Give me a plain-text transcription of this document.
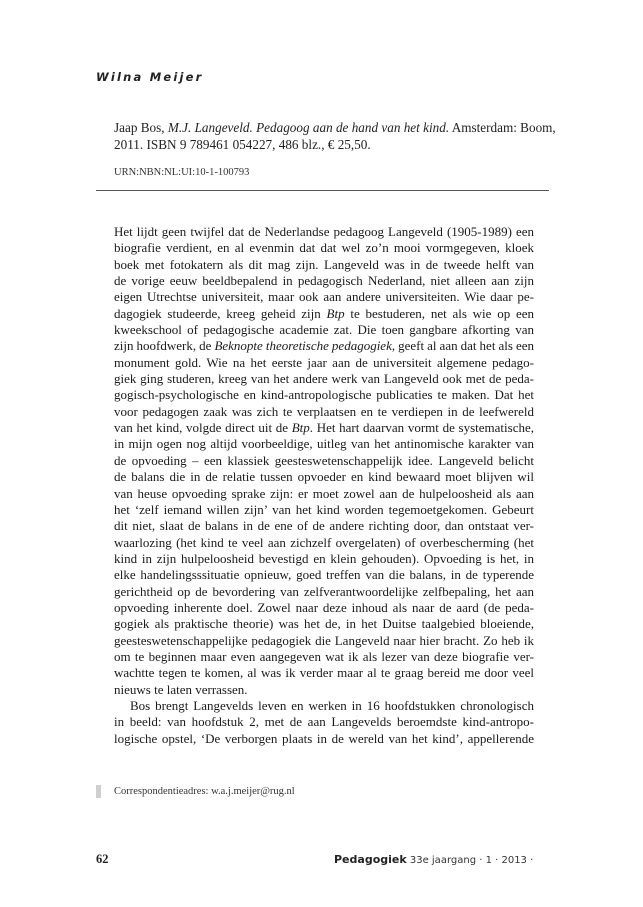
Wilna Meijer
Jaap Bos, M.J. Langeveld. Pedagoog aan de hand van het kind. Amsterdam: Boom,
2011. ISBN 9 789461 054227, 486 blz., € 25,50.
URN:NBN:NL:UI:10-1-100793
Het lijdt geen twijfel dat de Nederlandse pedagoog Langeveld (1905-1989) een
biografie verdient, en al evenmin dat dat wel zo’n mooi vormgegeven, kloek
boek met fotokatern als dit mag zijn. Langeveld was in de tweede helft van
de vorige eeuw beeldbepalend in pedagogisch Nederland, niet alleen aan zijn
eigen Utrechtse universiteit, maar ook aan andere universiteiten. Wie daar pe-
dagogiek studeerde, kreeg geheid zijn Btp te bestuderen, net als wie op een
kweekschool of pedagogische academie zat. Die toen gangbare afkorting van
zijn hoofdwerk, de Beknopte theoretische pedagogiek, geeft al aan dat het als een
monument gold. Wie na het eerste jaar aan de universiteit algemene pedago-
giek ging studeren, kreeg van het andere werk van Langeveld ook met de peda-
gogisch-psychologische en kind-antropologische publicaties te maken. Dat het
voor pedagogen zaak was zich te verplaatsen en te verdiepen in de leefwereld
van het kind, volgde direct uit de Btp. Het hart daarvan vormt de systematische,
in mijn ogen nog altijd voorbeeldige, uitleg van het antinomische karakter van
de opvoeding – een klassiek geesteswetenschappelijk idee. Langeveld belicht
de balans die in de relatie tussen opvoeder en kind bewaard moet blijven wil
van heuse opvoeding sprake zijn: er moet zowel aan de hulpeloosheid als aan
het ‘zelf iemand willen zijn’ van het kind worden tegemoetgekomen. Gebeurt
dit niet, slaat de balans in de ene of de andere richting door, dan ontstaat ver-
waarlozing (het kind te veel aan zichzelf overgelaten) of overbescherming (het
kind in zijn hulpeloosheid bevestigd en klein gehouden). Opvoeding is het, in
elke handelingsssituatie opnieuw, goed treffen van die balans, in de typerende
gerichtheid op de bevordering van zelfverantwoordelijke zelfbepaling, het aan
opvoeding inherente doel. Zowel naar deze inhoud als naar de aard (de peda-
gogiek als praktische theorie) was het de, in het Duitse taalgebied bloeiende,
geesteswetenschappelijke pedagogiek die Langeveld naar hier bracht. Zo heb ik
om te beginnen maar even aangegeven wat ik als lezer van deze biografie ver-
wachtte tegen te komen, al was ik verder maar al te graag bereid me door veel
nieuws te laten verrassen.
Bos brengt Langevelds leven en werken in 16 hoofdstukken chronologisch
in beeld: van hoofdstuk 2, met de aan Langevelds beroemdste kind-antropo-
logische opstel, ‘De verborgen plaats in de wereld van het kind’, appellerende
Correspondentieadres: w.a.j.meijer@rug.nl
62	Pedagogiek 33e jaargang · 1 · 2013 ·
